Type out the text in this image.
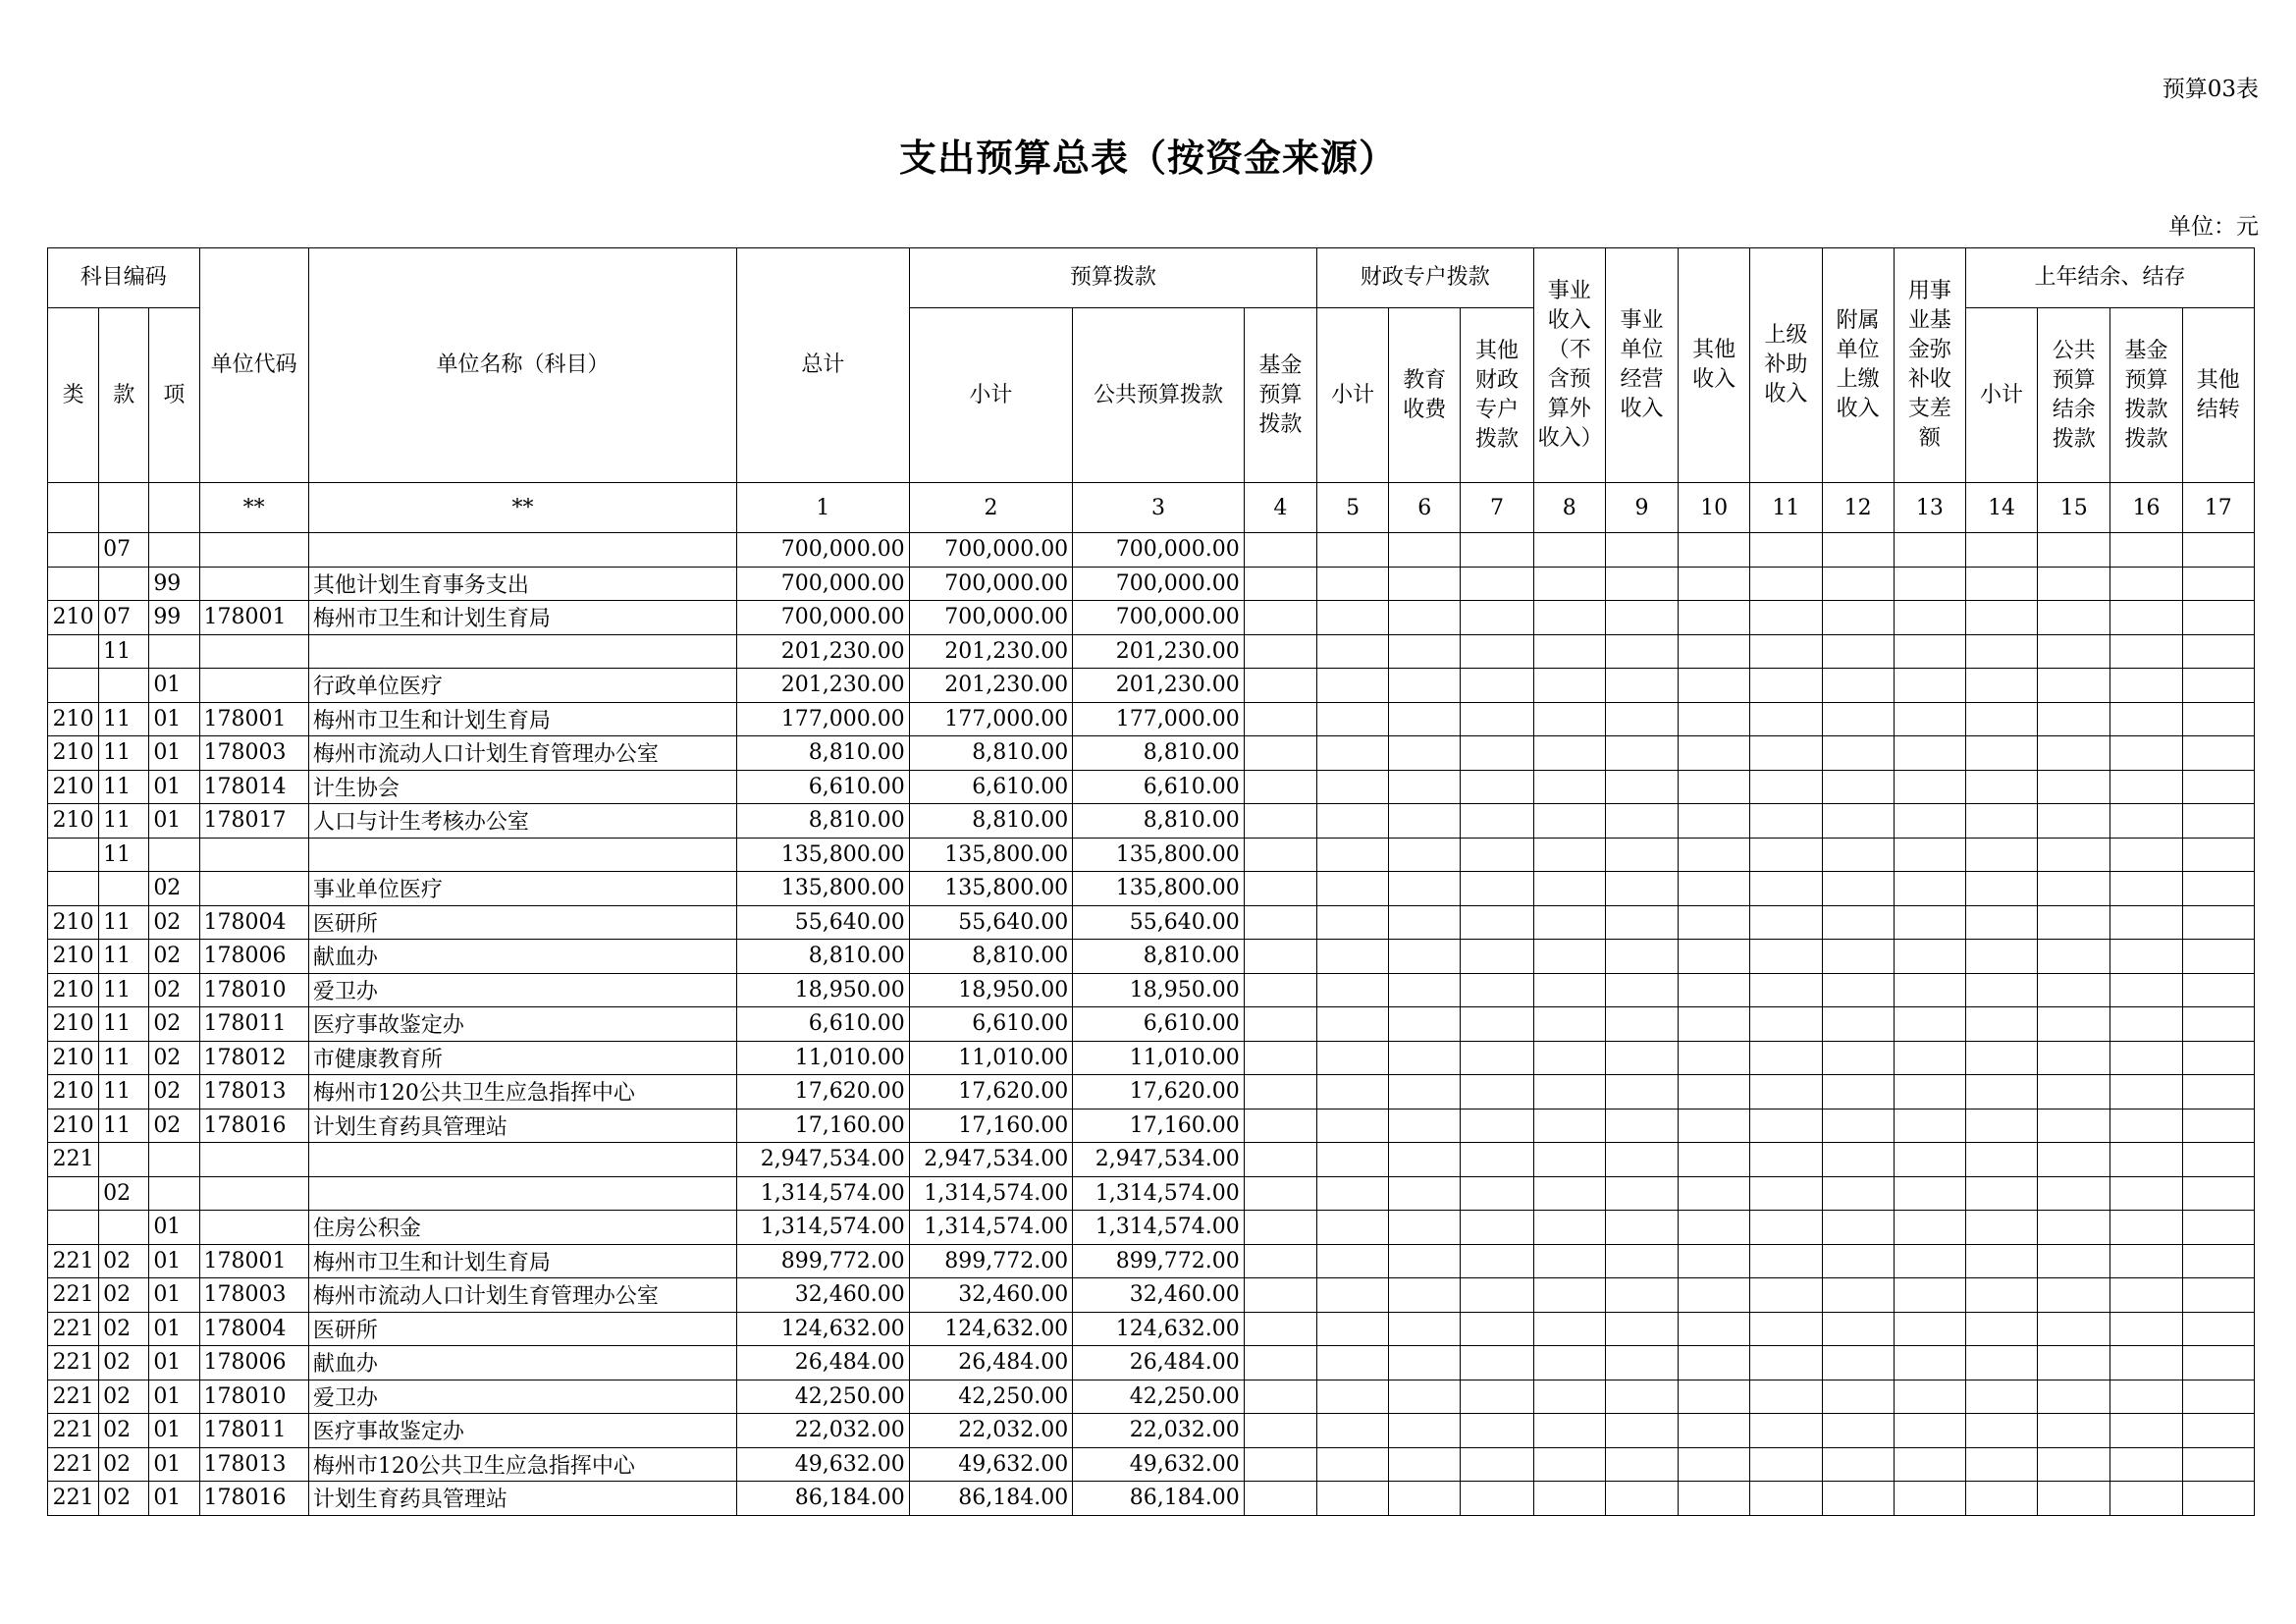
预算03表
支出预算总表（按资金来源）
单位：元
科目编码			单位代码	单位名称（科目）	总计	预算拨款			财政专户拨款			事业收入（不含预算外收入）	事业单位经营收入	其他收入	上级补助收入	附属单位上缴收入	用事业基金弥补收支差额	上年结余、结存			
类	款	项				小计	公共预算拨款	基金预算拨款	小计	教育收费	其他财政专户拨款							小计	公共预算结余拨款	基金预算拨款拨款	其他结转
			**	**	1	2	3	4	5	6	7	8	9	10	11	12	13	14	15	16	17
	07				700,000.00	700,000.00	700,000.00														
		99		其他计划生育事务支出	700,000.00	700,000.00	700,000.00														
210	07	99	178001	梅州市卫生和计划生育局	700,000.00	700,000.00	700,000.00														
	11				201,230.00	201,230.00	201,230.00														
		01		行政单位医疗	201,230.00	201,230.00	201,230.00														
210	11	01	178001	梅州市卫生和计划生育局	177,000.00	177,000.00	177,000.00														
210	11	01	178003	梅州市流动人口计划生育管理办公室	8,810.00	8,810.00	8,810.00														
210	11	01	178014	计生协会	6,610.00	6,610.00	6,610.00														
210	11	01	178017	人口与计生考核办公室	8,810.00	8,810.00	8,810.00														
	11				135,800.00	135,800.00	135,800.00														
		02		事业单位医疗	135,800.00	135,800.00	135,800.00														
210	11	02	178004	医研所	55,640.00	55,640.00	55,640.00														
210	11	02	178006	献血办	8,810.00	8,810.00	8,810.00														
210	11	02	178010	爱卫办	18,950.00	18,950.00	18,950.00														
210	11	02	178011	医疗事故鉴定办	6,610.00	6,610.00	6,610.00														
210	11	02	178012	市健康教育所	11,010.00	11,010.00	11,010.00														
210	11	02	178013	梅州市120公共卫生应急指挥中心	17,620.00	17,620.00	17,620.00														
210	11	02	178016	计划生育药具管理站	17,160.00	17,160.00	17,160.00														
221					2,947,534.00	2,947,534.00	2,947,534.00														
	02				1,314,574.00	1,314,574.00	1,314,574.00														
		01		住房公积金	1,314,574.00	1,314,574.00	1,314,574.00														
221	02	01	178001	梅州市卫生和计划生育局	899,772.00	899,772.00	899,772.00														
221	02	01	178003	梅州市流动人口计划生育管理办公室	32,460.00	32,460.00	32,460.00														
221	02	01	178004	医研所	124,632.00	124,632.00	124,632.00														
221	02	01	178006	献血办	26,484.00	26,484.00	26,484.00														
221	02	01	178010	爱卫办	42,250.00	42,250.00	42,250.00														
221	02	01	178011	医疗事故鉴定办	22,032.00	22,032.00	22,032.00														
221	02	01	178013	梅州市120公共卫生应急指挥中心	49,632.00	49,632.00	49,632.00														
221	02	01	178016	计划生育药具管理站	86,184.00	86,184.00	86,184.00														
